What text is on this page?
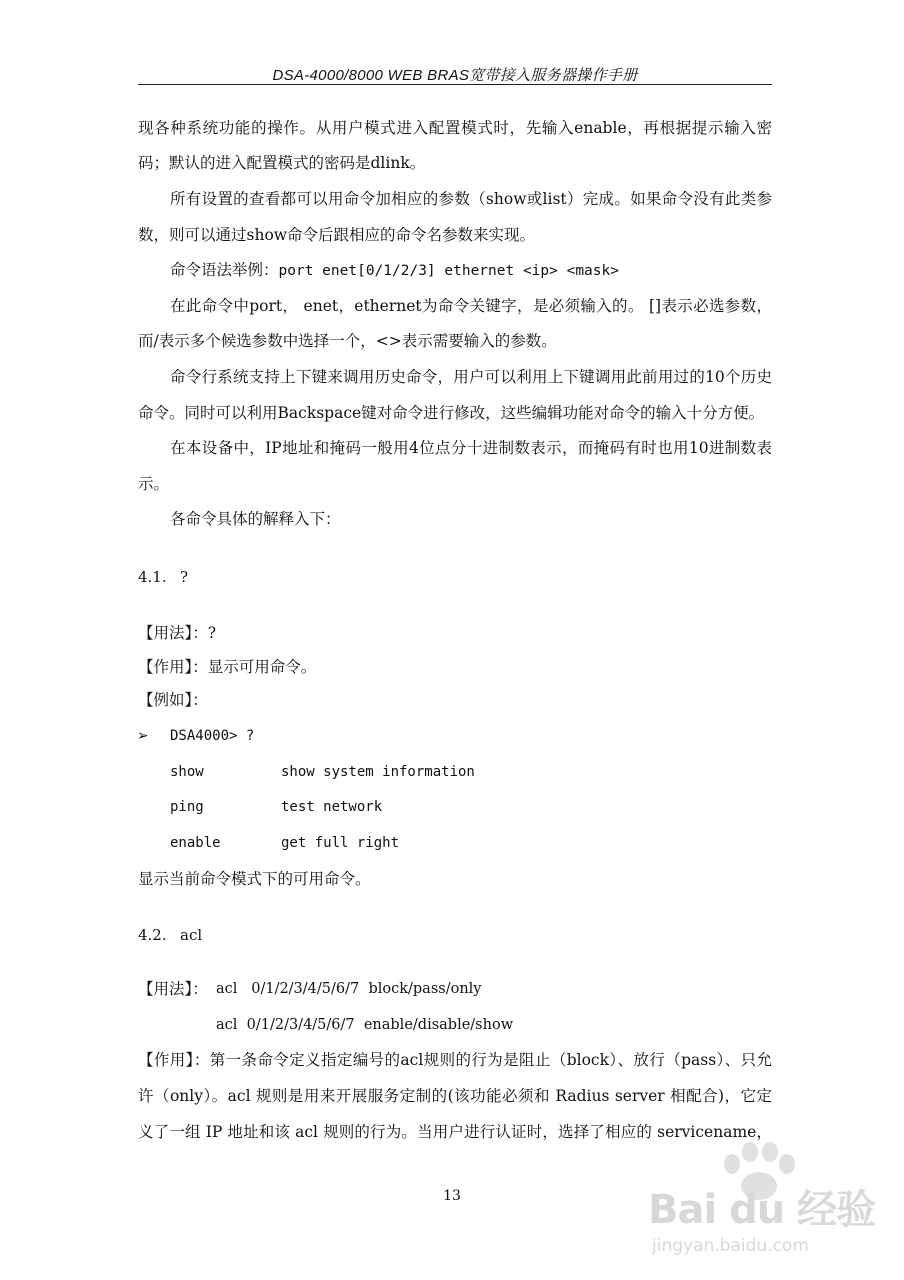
DSA-4000/8000 WEB BRAS宽带接入服务器操作手册
现各种系统功能的操作。从用户模式进入配置模式时，先输入enable，再根据提示输入密
码；默认的进入配置模式的密码是dlink。
所有设置的查看都可以用命令加相应的参数（show或list）完成。如果命令没有此类参
数，则可以通过show命令后跟相应的命令名参数来实现。
命令语法举例：port enet[0/1/2/3] ethernet <ip> <mask>
在此命令中port， enet，ethernet为命令关键字，是必须输入的。 []表示必选参数，
而/表示多个候选参数中选择一个，<>表示需要输入的参数。
命令行系统支持上下键来调用历史命令，用户可以利用上下键调用此前用过的10个历史
命令。同时可以利用Backspace键对命令进行修改，这些编辑功能对命令的输入十分方便。
在本设备中，IP地址和掩码一般用4位点分十进制数表示，而掩码有时也用10进制数表
示。
各命令具体的解释入下：
4.1. ?
【用法】：?
【作用】：显示可用命令。
【例如】：
➢ DSA4000> ?
show	show system information
ping	test network
enable	get full right
显示当前命令模式下的可用命令。
4.2. acl
【用法】： acl   0/1/2/3/4/5/6/7  block/pass/only
acl  0/1/2/3/4/5/6/7  enable/disable/show
【作用】：第一条命令定义指定编号的acl规则的行为是阻止（block）、放行（pass）、只允
许（only）。acl 规则是用来开展服务定制的(该功能必须和 Radius server 相配合)，它定
义了一组 IP 地址和该 acl 规则的行为。当用户进行认证时，选择了相应的 servicename，
13	Bai du 经验
jingyan.baidu.com
